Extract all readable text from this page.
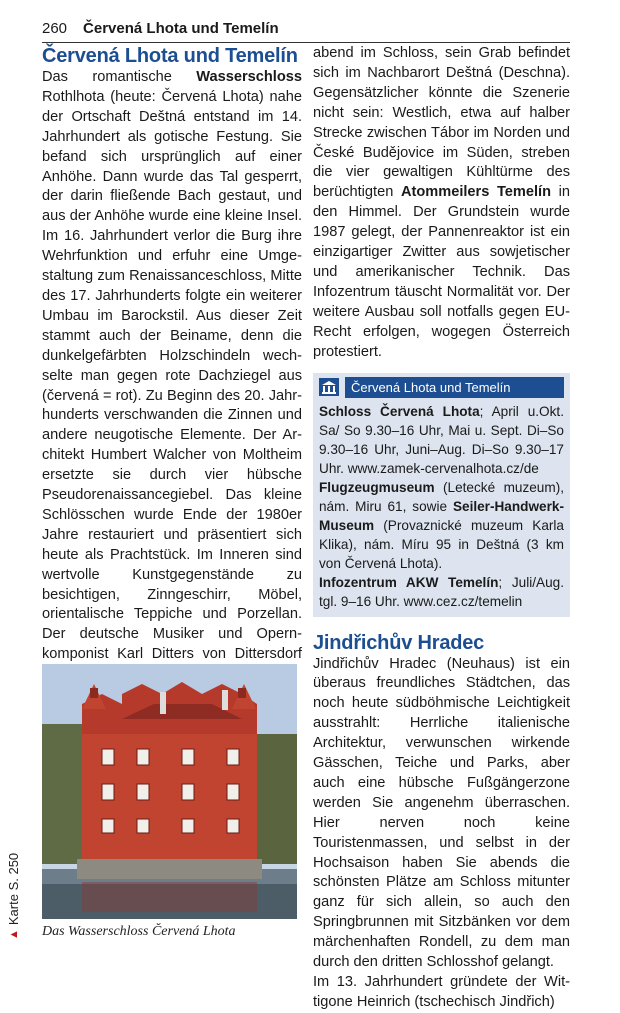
260 Červená Lhota und Temelín
Červená Lhota und Temelín

Das romantische Wasserschloss Rothlhota (heute: Červená Lhota) nahe der Ortschaft Deštná entstand im 14. Jahrhundert als gotische Festung. Sie befand sich ursprünglich auf einer Anhöhe. Dann wurde das Tal gesperrt, der darin fließende Bach gestaut, und aus der Anhöhe wurde eine kleine Insel. Im 16. Jahrhundert verlor die Burg ihre Wehrfunktion und erfuhr eine Umgestaltung zum Renaissanceschloss, Mitte des 17. Jahrhunderts folgte ein weiterer Umbau im Barockstil. Aus dieser Zeit stammt auch der Beiname, denn die dunkelgefärbten Holzschindeln wechselte man gegen rote Dachziegel aus (červená = rot). Zu Beginn des 20. Jahrhunderts verschwanden die Zinnen und andere neugotische Elemente. Der Architekt Humbert Walcher von Moltheim ersetzte sie durch vier hübsche Pseudorenaissancegiebel. Das kleine Schlösschen wurde Ende der 1980er Jahre restauriert und präsentiert sich heute als Prachtstück. Im Inneren sind wertvolle Kunstgegenstände zu besichtigen, Zinngeschirr, Möbel, orientalische Teppiche und Porzellan. Der deutsche Musiker und Opernkomponist Karl Ditters von Dittersdorf

Das Wasserschloss Červená Lhota
▲
Karte S. 250

abend im Schloss, sein Grab befindet sich im Nachbarort Deštná (Deschna). Gegensätzlicher könnte die Szenerie nicht sein: Westlich, etwa auf halber Strecke zwischen Tábor im Norden und České Budějovice im Süden, streben die vier gewaltigen Kühltürme des berüchtigten Atommeilers Temelín in den Himmel. Der Grundstein wurde 1987 gelegt, der Pannenreaktor ist ein einzigartiger Zwitter aus sowjetischer und amerikanischer Technik. Das Infozentrum täuscht Normalität vor. Der weitere Ausbau soll notfalls gegen EU-Recht erfolgen, wogegen Österreich protestiert.

Červená Lhota und Temelín

Schloss Červená Lhota; April u.Okt. Sa/ So 9.30–16 Uhr, Mai u. Sept. Di–So 9.30–16 Uhr, Juni–Aug. Di–So 9.30–17 Uhr. www.zamek-cervenalhota.cz/de

Flugzeugmuseum (Letecké muzeum), nám. Miru 61, sowie Seiler-Handwerk-Museum (Provaznické muzeum Karla Klika), nám. Míru 95 in Deštná (3 km von Červená Lhota).

Infozentrum AKW Temelín; Juli/Aug. tgl. 9–16 Uhr. www.cez.cz/temelin

Jindřichův Hradec

Jindřichův Hradec (Neuhaus) ist ein überaus freundliches Städtchen, das noch heute südböhmische Leichtigkeit ausstrahlt: Herrliche italienische Architektur, verwunschen wirkende Gässchen, Teiche und Parks, aber auch eine hübsche Fußgängerzone werden Sie angenehm überraschen. Hier nerven noch keine Touristenmassen, und selbst in der Hochsaison haben Sie abends die schönsten Plätze am Schloss mitunter ganz für sich allein, so auch den Springbrunnen mit Sitzbänken vor dem märchenhaften Rondell, zu dem man durch den dritten Schlosshof gelangt.

Im 13. Jahrhundert gründete der Wittigone Heinrich (tschechisch Jindřich)
